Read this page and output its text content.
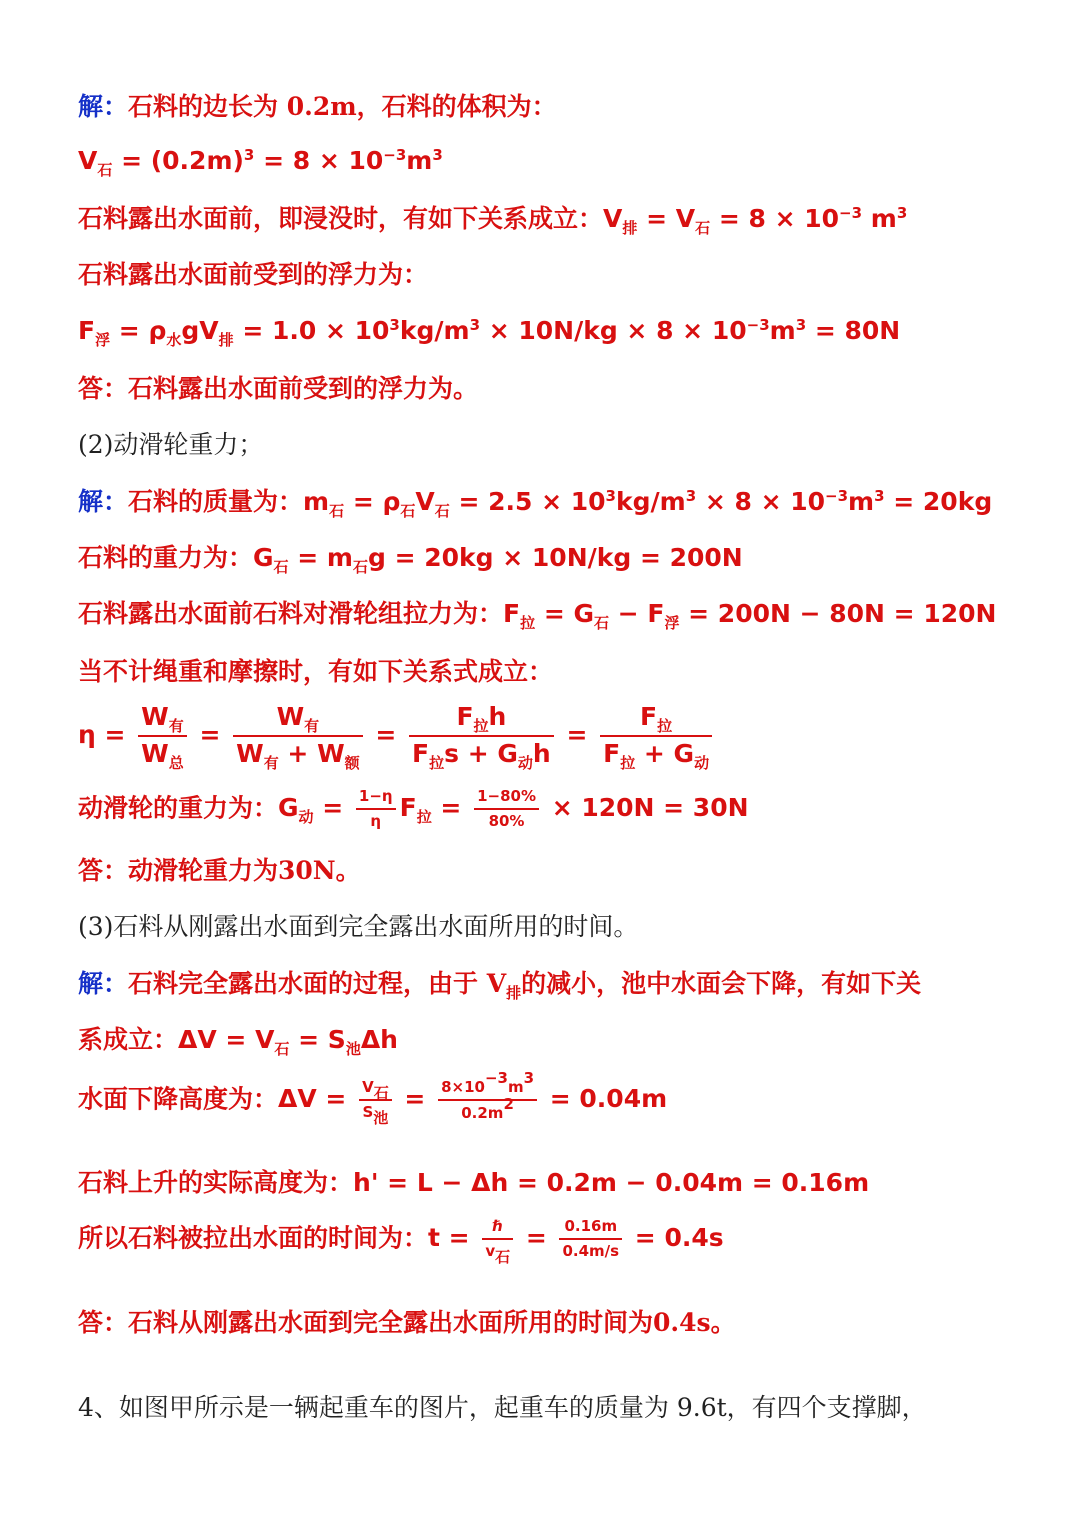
解：石料的边长为 0.2m，石料的体积为：
$V_石 = (0.2m)^3 = 8 \times 10^{-3}m^3$
石料露出水面前，即浸没时，有如下关系成立：$V_排 = V_石 = 8 \times 10^{-3}$ $m^3$
石料露出水面前受到的浮力为：
$F_浮 = \rho_水gV_排 = 1.0 \times 10^3kg/m^3 \times 10N/kg \times 8 \times 10^{-3}m^3 = 80N$
答：石料露出水面前受到的浮力为。
(2)动滑轮重力；
解：石料的质量为：$m_石 = \rho_石V_石 = 2.5 \times 10^3kg/m^3 \times 8 \times 10^{-3}m^3 = 20kg$
石料的重力为：$G_石 = m_石g = 20kg \times 10N/kg = 200N$
石料露出水面前石料对滑轮组拉力为：$F_拉 = G_石 - F_浮 = 200N - 80N = 120N$
当不计绳重和摩擦时，有如下关系式成立：
$\eta = \frac{W_有}{W_总} = \frac{W_有}{W_有 + W_额} = \frac{F_拉h}{F_拉s + G_动h} = \frac{F_拉}{F_拉 + G_动}$
动滑轮的重力为：$G_动 = \frac{1-\eta}{\eta} F_拉 = \frac{1-80\%}{80\%} \times 120N = 30N$
答：动滑轮重力为30N。
(3)石料从刚露出水面到完全露出水面所用的时间。
解：石料完全露出水面的过程，由于 $V_排$的减小，池中水面会下降，有如下关
系成立：$\Delta V = V_石 = S_池\Delta h$
水面下降高度为：$\Delta V = \frac{V_石}{S_池} = \frac{8\times 10^{-3}m^3}{0.2m^2} = 0.04m$
石料上升的实际高度为：h' = L − Δh = 0.2m − 0.04m = 0.16m
所以石料被拉出水面的时间为：$t = \frac{\text{ℏ}}{v_石} = \frac{0.16m}{0.4m/s} = 0.4s$
答：石料从刚露出水面到完全露出水面所用的时间为0.4s。
4、如图甲所示是一辆起重车的图片，起重车的质量为 9.6t，有四个支撑脚，
